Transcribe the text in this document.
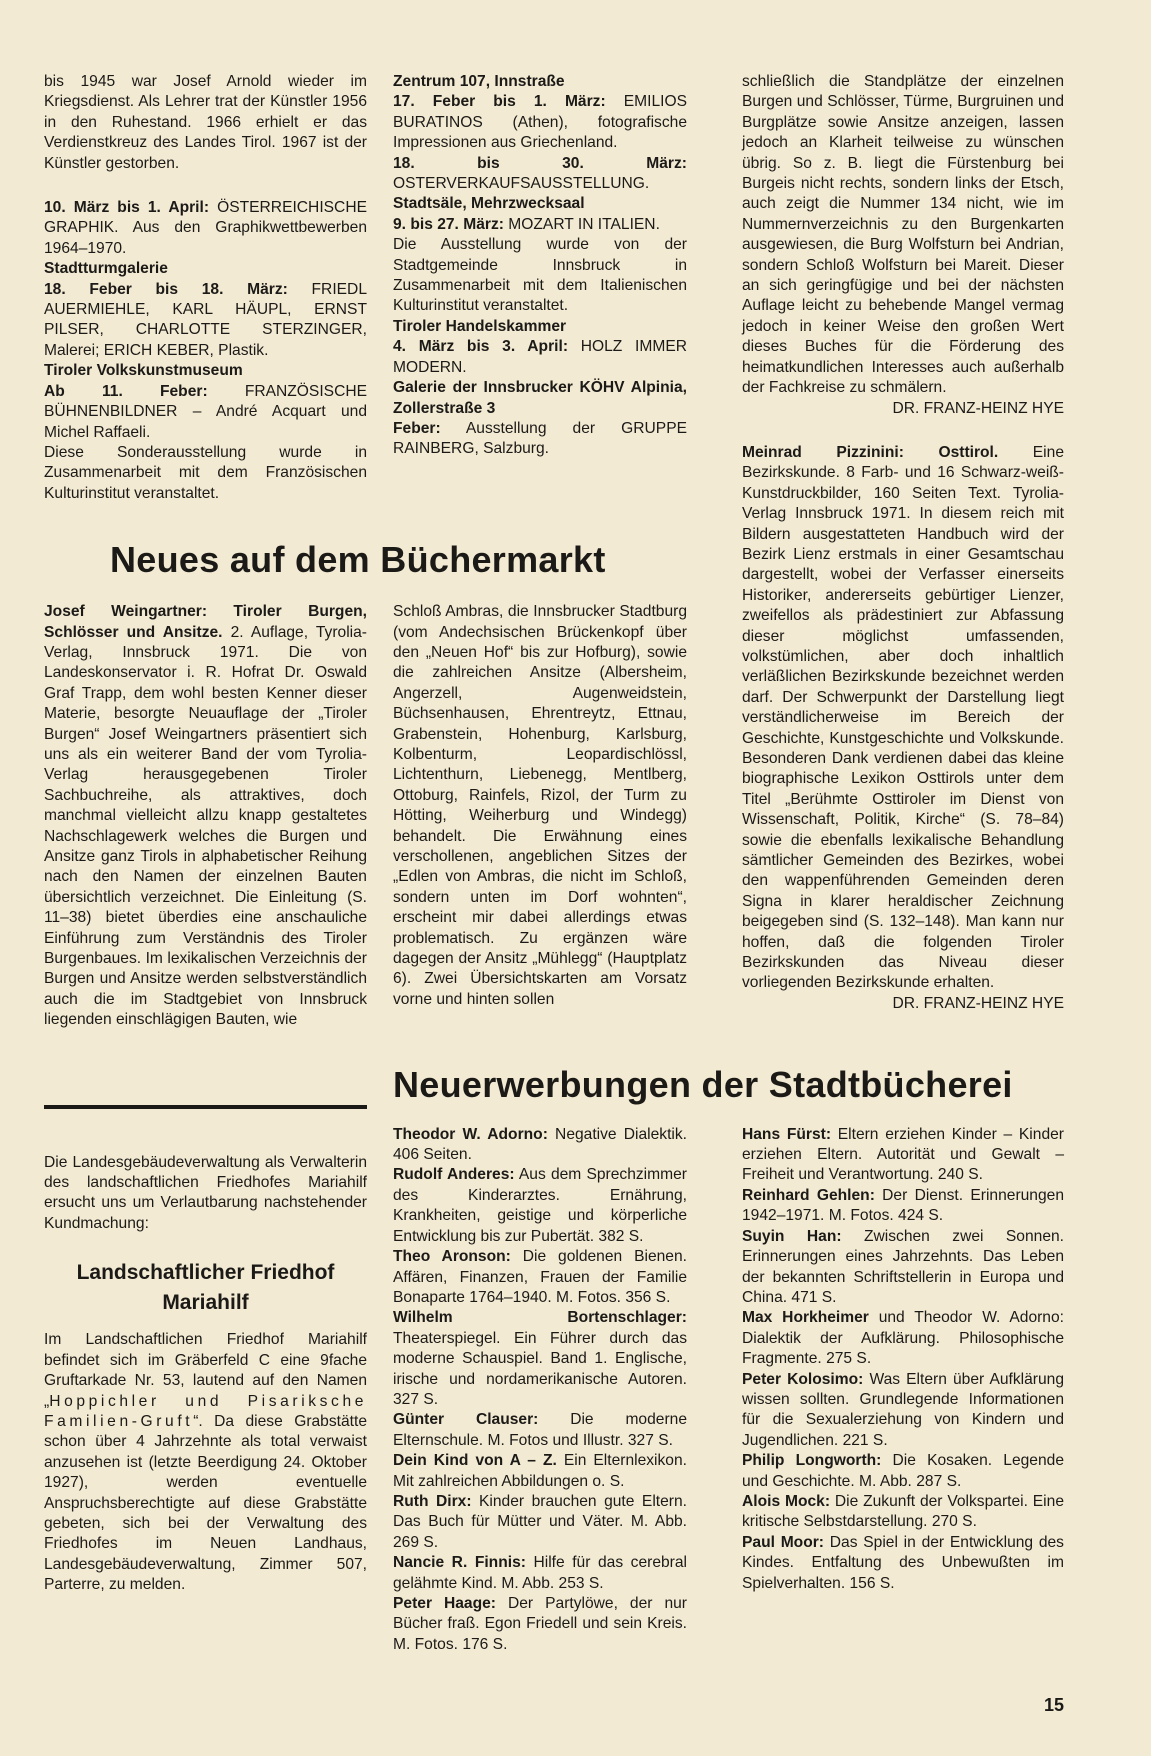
bis 1945 war Josef Arnold wieder im Kriegsdienst. Als Lehrer trat der Künstler 1956 in den Ruhestand. 1966 erhielt er das Verdienstkreuz des Landes Tirol. 1967 ist der Künstler gestorben.

10. März bis 1. April: ÖSTERREICHISCHE GRAPHIK. Aus den Graphikwettbewerben 1964–1970.

Stadtturmgalerie

18. Feber bis 18. März: FRIEDL AUERMIEHLE, KARL HÄUPL, ERNST PILSER, CHARLOTTE STERZINGER, Malerei; ERICH KEBER, Plastik.

Tiroler Volkskunstmuseum

Ab 11. Feber: FRANZÖSISCHE BÜHNENBILDNER – André Acquart und Michel Raffaeli.

Diese Sonderausstellung wurde in Zusammenarbeit mit dem Französischen Kulturinstitut veranstaltet.

Zentrum 107, Innstraße

17. Feber bis 1. März: EMILIOS BURATINOS (Athen), fotografische Impressionen aus Griechenland.

18. bis 30. März: OSTERVERKAUFSAUSSTELLUNG.

Stadtsäle, Mehrzwecksaal

9. bis 27. März: MOZART IN ITALIEN.

Die Ausstellung wurde von der Stadtgemeinde Innsbruck in Zusammenarbeit mit dem Italienischen Kulturinstitut veranstaltet.

Tiroler Handelskammer

4. März bis 3. April: HOLZ IMMER MODERN.

Galerie der Innsbrucker KÖHV Alpinia, Zollerstraße 3

Feber: Ausstellung der GRUPPE RAINBERG, Salzburg.

schließlich die Standplätze der einzelnen Burgen und Schlösser, Türme, Burgruinen und Burgplätze sowie Ansitze anzeigen, lassen jedoch an Klarheit teilweise zu wünschen übrig. So z. B. liegt die Fürstenburg bei Burgeis nicht rechts, sondern links der Etsch, auch zeigt die Nummer 134 nicht, wie im Nummernverzeichnis zu den Burgenkarten ausgewiesen, die Burg Wolfsturn bei Andrian, sondern Schloß Wolfsturn bei Mareit. Dieser an sich geringfügige und bei der nächsten Auflage leicht zu behebende Mangel vermag jedoch in keiner Weise den großen Wert dieses Buches für die Förderung des heimatkundlichen Interesses auch außerhalb der Fachkreise zu schmälern.

DR. FRANZ-HEINZ HYE

Meinrad Pizzinini: Osttirol. Eine Bezirkskunde. 8 Farb- und 16 Schwarz-weiß-Kunstdruckbilder, 160 Seiten Text. Tyrolia-Verlag Innsbruck 1971. In diesem reich mit Bildern ausgestatteten Handbuch wird der Bezirk Lienz erstmals in einer Gesamtschau dargestellt, wobei der Verfasser einerseits Historiker, andererseits gebürtiger Lienzer, zweifellos als prädestiniert zur Abfassung dieser möglichst umfassenden, volkstümlichen, aber doch inhaltlich verläßlichen Bezirkskunde bezeichnet werden darf. Der Schwerpunkt der Darstellung liegt verständlicherweise im Bereich der Geschichte, Kunstgeschichte und Volkskunde. Besonderen Dank verdienen dabei das kleine biographische Lexikon Osttirols unter dem Titel „Berühmte Osttiroler im Dienst von Wissenschaft, Politik, Kirche“ (S. 78–84) sowie die ebenfalls lexikalische Behandlung sämtlicher Gemeinden des Bezirkes, wobei den wappenführenden Gemeinden deren Signa in klarer heraldischer Zeichnung beigegeben sind (S. 132–148). Man kann nur hoffen, daß die folgenden Tiroler Bezirkskunden das Niveau dieser vorliegenden Bezirkskunde erhalten.

DR. FRANZ-HEINZ HYE

Neues auf dem Büchermarkt

Josef Weingartner: Tiroler Burgen, Schlösser und Ansitze. 2. Auflage, Tyrolia-Verlag, Innsbruck 1971. Die von Landeskonservator i. R. Hofrat Dr. Oswald Graf Trapp, dem wohl besten Kenner dieser Materie, besorgte Neuauflage der „Tiroler Burgen“ Josef Weingartners präsentiert sich uns als ein weiterer Band der vom Tyrolia-Verlag herausgegebenen Tiroler Sachbuchreihe, als attraktives, doch manchmal vielleicht allzu knapp gestaltetes Nachschlagewerk welches die Burgen und Ansitze ganz Tirols in alphabetischer Reihung nach den Namen der einzelnen Bauten übersichtlich verzeichnet. Die Einleitung (S. 11–38) bietet überdies eine anschauliche Einführung zum Verständnis des Tiroler Burgenbaues. Im lexikalischen Verzeichnis der Burgen und Ansitze werden selbstverständlich auch die im Stadtgebiet von Innsbruck liegenden einschlägigen Bauten, wie

Schloß Ambras, die Innsbrucker Stadtburg (vom Andechsischen Brückenkopf über den „Neuen Hof“ bis zur Hofburg), sowie die zahlreichen Ansitze (Albersheim, Angerzell, Augenweidstein, Büchsenhausen, Ehrentreytz, Ettnau, Grabenstein, Hohenburg, Karlsburg, Kolbenturm, Leopardischlössl, Lichtenthurn, Liebenegg, Mentlberg, Ottoburg, Rainfels, Rizol, der Turm zu Hötting, Weiherburg und Windegg) behandelt. Die Erwähnung eines verschollenen, angeblichen Sitzes der „Edlen von Ambras, die nicht im Schloß, sondern unten im Dorf wohnten“, erscheint mir dabei allerdings etwas problematisch. Zu ergänzen wäre dagegen der Ansitz „Mühlegg“ (Hauptplatz 6). Zwei Übersichtskarten am Vorsatz vorne und hinten sollen

Die Landesgebäudeverwaltung als Verwalterin des landschaftlichen Friedhofes Mariahilf ersucht uns um Verlautbarung nachstehender Kundmachung:

Landschaftlicher Friedhof Mariahilf

Im Landschaftlichen Friedhof Mariahilf befindet sich im Gräberfeld C eine 9fache Gruftarkade Nr. 53, lautend auf den Namen „Hoppichler und Pisariksche Familien-Gruft“. Da diese Grabstätte schon über 4 Jahrzehnte als total verwaist anzusehen ist (letzte Beerdigung 24. Oktober 1927), werden eventuelle Anspruchsberechtigte auf diese Grabstätte gebeten, sich bei der Verwaltung des Friedhofes im Neuen Landhaus, Landesgebäudeverwaltung, Zimmer 507, Parterre, zu melden.

Neuerwerbungen der Stadtbücherei

Theodor W. Adorno: Negative Dialektik. 406 Seiten.

Rudolf Anderes: Aus dem Sprechzimmer des Kinderarztes. Ernährung, Krankheiten, geistige und körperliche Entwicklung bis zur Pubertät. 382 S.

Theo Aronson: Die goldenen Bienen. Affären, Finanzen, Frauen der Familie Bonaparte 1764–1940. M. Fotos. 356 S.

Wilhelm Bortenschlager: Theaterspiegel. Ein Führer durch das moderne Schauspiel. Band 1. Englische, irische und nordamerikanische Autoren. 327 S.

Günter Clauser: Die moderne Elternschule. M. Fotos und Illustr. 327 S.

Dein Kind von A – Z. Ein Elternlexikon. Mit zahlreichen Abbildungen o. S.

Ruth Dirx: Kinder brauchen gute Eltern. Das Buch für Mütter und Väter. M. Abb. 269 S.

Nancie R. Finnis: Hilfe für das cerebral gelähmte Kind. M. Abb. 253 S.

Peter Haage: Der Partylöwe, der nur Bücher fraß. Egon Friedell und sein Kreis. M. Fotos. 176 S.

Hans Fürst: Eltern erziehen Kinder – Kinder erziehen Eltern. Autorität und Gewalt – Freiheit und Verantwortung. 240 S.

Reinhard Gehlen: Der Dienst. Erinnerungen 1942–1971. M. Fotos. 424 S.

Suyin Han: Zwischen zwei Sonnen. Erinnerungen eines Jahrzehnts. Das Leben der bekannten Schriftstellerin in Europa und China. 471 S.

Max Horkheimer und Theodor W. Adorno: Dialektik der Aufklärung. Philosophische Fragmente. 275 S.

Peter Kolosimo: Was Eltern über Aufklärung wissen sollten. Grundlegende Informationen für die Sexualerziehung von Kindern und Jugendlichen. 221 S.

Philip Longworth: Die Kosaken. Legende und Geschichte. M. Abb. 287 S.

Alois Mock: Die Zukunft der Volkspartei. Eine kritische Selbstdarstellung. 270 S.

Paul Moor: Das Spiel in der Entwicklung des Kindes. Entfaltung des Unbewußten im Spielverhalten. 156 S.

15
